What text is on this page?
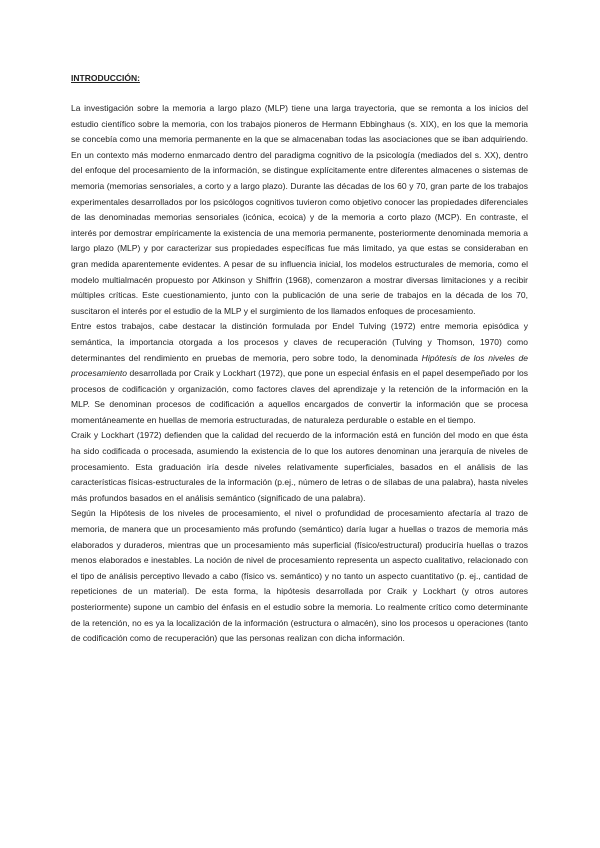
INTRODUCCIÓN:

La investigación sobre la memoria a largo plazo (MLP) tiene una larga trayectoria, que se remonta a los inicios del estudio científico sobre la memoria, con los trabajos pioneros de Hermann Ebbinghaus (s. XIX), en los que la memoria se concebía como una memoria permanente en la que se almacenaban todas las asociaciones que se iban adquiriendo. En un contexto más moderno enmarcado dentro del paradigma cognitivo de la psicología (mediados del s. XX), dentro del enfoque del procesamiento de la información, se distingue explícitamente entre diferentes almacenes o sistemas de memoria (memorias sensoriales, a corto y a largo plazo). Durante las décadas de los 60 y 70, gran parte de los trabajos experimentales desarrollados por los psicólogos cognitivos tuvieron como objetivo conocer las propiedades diferenciales de las denominadas memorias sensoriales (icónica, ecoica) y de la memoria a corto plazo (MCP). En contraste, el interés por demostrar empíricamente la existencia de una memoria permanente, posteriormente denominada memoria a largo plazo (MLP) y por caracterizar sus propiedades específicas fue más limitado, ya que estas se consideraban en gran medida aparentemente evidentes. A pesar de su influencia inicial, los modelos estructurales de memoria, como el modelo multialmacén propuesto por Atkinson y Shiffrin (1968), comenzaron a mostrar diversas limitaciones y a recibir múltiples críticas. Este cuestionamiento, junto con la publicación de una serie de trabajos en la década de los 70, suscitaron el interés por el estudio de la MLP y el surgimiento de los llamados enfoques de procesamiento.

Entre estos trabajos, cabe destacar la distinción formulada por Endel Tulving (1972) entre memoria episódica y semántica, la importancia otorgada a los procesos y claves de recuperación (Tulving y Thomson, 1970) como determinantes del rendimiento en pruebas de memoria, pero sobre todo, la denominada Hipótesis de los niveles de procesamiento desarrollada por Craik y Lockhart (1972), que pone un especial énfasis en el papel desempeñado por los procesos de codificación y organización, como factores claves del aprendizaje y la retención de la información en la MLP. Se denominan procesos de codificación a aquellos encargados de convertir la información que se procesa momentáneamente en huellas de memoria estructuradas, de naturaleza perdurable o estable en el tiempo.

Craik y Lockhart (1972) defienden que la calidad del recuerdo de la información está en función del modo en que ésta ha sido codificada o procesada, asumiendo la existencia de lo que los autores denominan una jerarquía de niveles de procesamiento. Esta graduación iría desde niveles relativamente superficiales, basados en el análisis de las características físicas-estructurales de la información (p.ej., número de letras o de sílabas de una palabra), hasta niveles más profundos basados en el análisis semántico (significado de una palabra).

Según la Hipótesis de los niveles de procesamiento, el nivel o profundidad de procesamiento afectaría al trazo de memoria, de manera que un procesamiento más profundo (semántico) daría lugar a huellas o trazos de memoria más elaborados y duraderos, mientras que un procesamiento más superficial (físico/estructural) produciría huellas o trazos menos elaborados e inestables. La noción de nivel de procesamiento representa un aspecto cualitativo, relacionado con el tipo de análisis perceptivo llevado a cabo (físico vs. semántico) y no tanto un aspecto cuantitativo (p. ej., cantidad de repeticiones de un material). De esta forma, la hipótesis desarrollada por Craik y Lockhart (y otros autores posteriormente) supone un cambio del énfasis en el estudio sobre la memoria. Lo realmente crítico como determinante de la retención, no es ya la localización de la información (estructura o almacén), sino los procesos u operaciones (tanto de codificación como de recuperación) que las personas realizan con dicha información.
